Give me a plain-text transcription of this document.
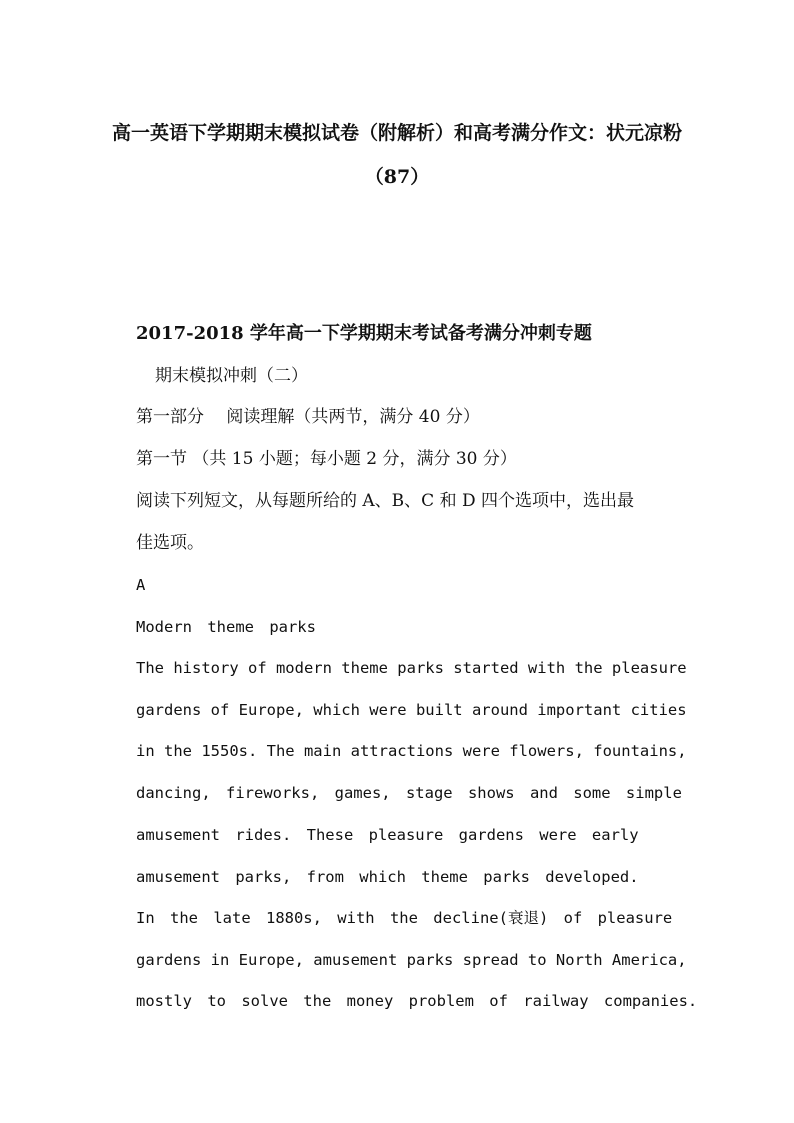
高一英语下学期期末模拟试卷（附解析）和高考满分作文：状元凉粉
（87）
2017-2018 学年高一下学期期末考试备考满分冲刺专题
期末模拟冲刺（二）
第一部分　 阅读理解（共两节，满分 40 分）
第一节 （共 15 小题；每小题 2 分，满分 30 分）
阅读下列短文，从每题所给的 A、B、C 和 D 四个选项中，选出最
佳选项。
A
Modern theme parks
The history of modern theme parks started with the pleasure
gardens of Europe, which were built around important cities
in the 1550s. The main attractions were flowers, fountains,
dancing, fireworks, games, stage shows and some simple
amusement rides. These pleasure gardens were early
amusement parks, from which theme parks developed.
In the late 1880s, with the decline(衰退) of pleasure
gardens in Europe, amusement parks spread to North America,
mostly to solve the money problem of railway companies.
